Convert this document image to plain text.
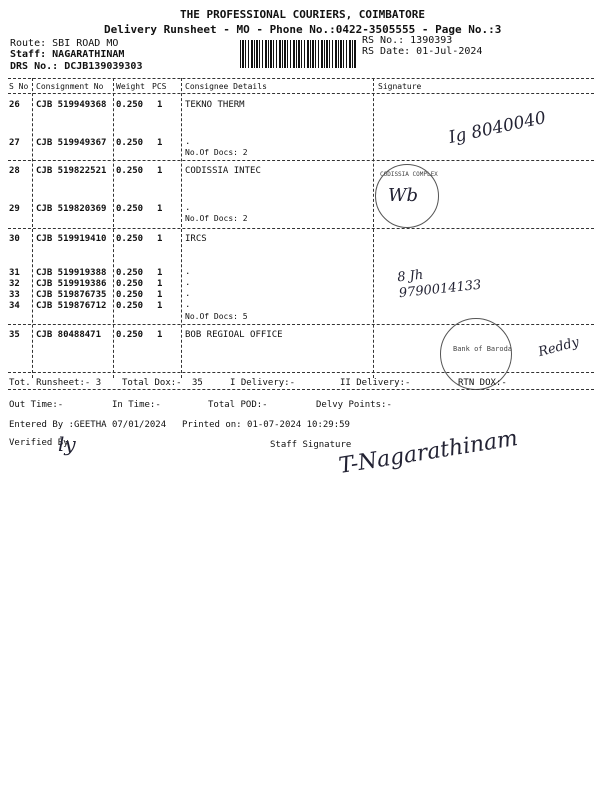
THE PROFESSIONAL COURIERS, COIMBATORE
Delivery Runsheet - MO - Phone No.:0422-3505555 - Page No.:3
Route: SBI ROAD MO
Staff: NAGARATHINAM
DRS No.: DCJB139039303
RS No.: 1390393
RS Date: 01-Jul-2024
S No Consignment No Weight PCS Consignee Details	Signature
26 CJB 519949368 0.250 1	TEKNO THERM
27 CJB 519949367 0.250 1	.
No.Of Docs: 2
28 CJB 519822521 0.250 1	CODISSIA INTEC
29 CJB 519820369 0.250 1	.
No.Of Docs: 2
30 CJB 519919410 0.250 1	IRCS
31 CJB 519919388 0.250 1	.
32 CJB 519919386 0.250 1	.
33 CJB 519876735 0.250 1	.
34 CJB 519876712 0.250 1	.
No.Of Docs: 5
35 CJB 80488471 0.250 1	BOB REGIOAL OFFICE
Ig 8040040
CODISSIA COMPLEX
Wb
8 Jh
9790014133
Bank of Baroda Reddy
Tot. Runsheet:- 3 Total Dox:- 35	I Delivery:-	II Delivery:-	RTN DOX:-
Out Time:-	In Time:-	Total POD:-	Delvy Points:-
Entered By :GEETHA 07/01/2024 Printed on: 01-07-2024 10:29:59
Verified By
ly	Staff Signature
T-Nagarathinam
